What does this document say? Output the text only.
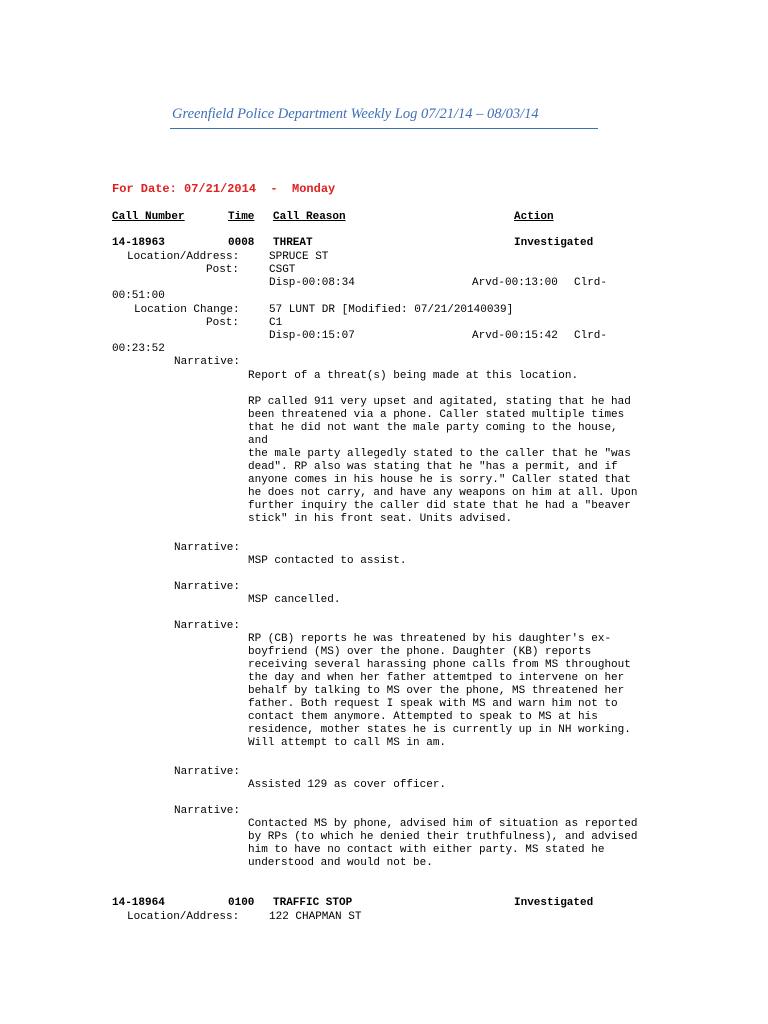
Greenfield Police Department Weekly Log 07/21/14 – 08/03/14
For Date: 07/21/2014  -  Monday
Call Number	Time Call Reason	Action
14-18963	0008 THREAT	Investigated
Location/Address:	SPRUCE ST
Post:	CSGT
Disp-00:08:34	Arvd-00:13:00 Clrd-
00:51:00
Location Change:	57 LUNT DR [Modified: 07/21/20140039]
Post:	C1
Disp-00:15:07	Arvd-00:15:42 Clrd-
00:23:52
Narrative:
Report of a threat(s) being made at this location.
RP called 911 very upset and agitated, stating that he had
been threatened via a phone. Caller stated multiple times
that he did not want the male party coming to the house,
and
the male party allegedly stated to the caller that he "was
dead". RP also was stating that he "has a permit, and if
anyone comes in his house he is sorry." Caller stated that
he does not carry, and have any weapons on him at all. Upon
further inquiry the caller did state that he had a "beaver
stick" in his front seat. Units advised.
Narrative:
MSP contacted to assist.
Narrative:
MSP cancelled.
Narrative:
RP (CB) reports he was threatened by his daughter's ex-
boyfriend (MS) over the phone. Daughter (KB) reports
receiving several harassing phone calls from MS throughout
the day and when her father attemtped to intervene on her
behalf by talking to MS over the phone, MS threatened her
father. Both request I speak with MS and warn him not to
contact them anymore. Attempted to speak to MS at his
residence, mother states he is currently up in NH working.
Will attempt to call MS in am.
Narrative:
Assisted 129 as cover officer.
Narrative:
Contacted MS by phone, advised him of situation as reported
by RPs (to which he denied their truthfulness), and advised
him to have no contact with either party. MS stated he
understood and would not be.
14-18964	0100 TRAFFIC STOP	Investigated
Location/Address:	122 CHAPMAN ST
